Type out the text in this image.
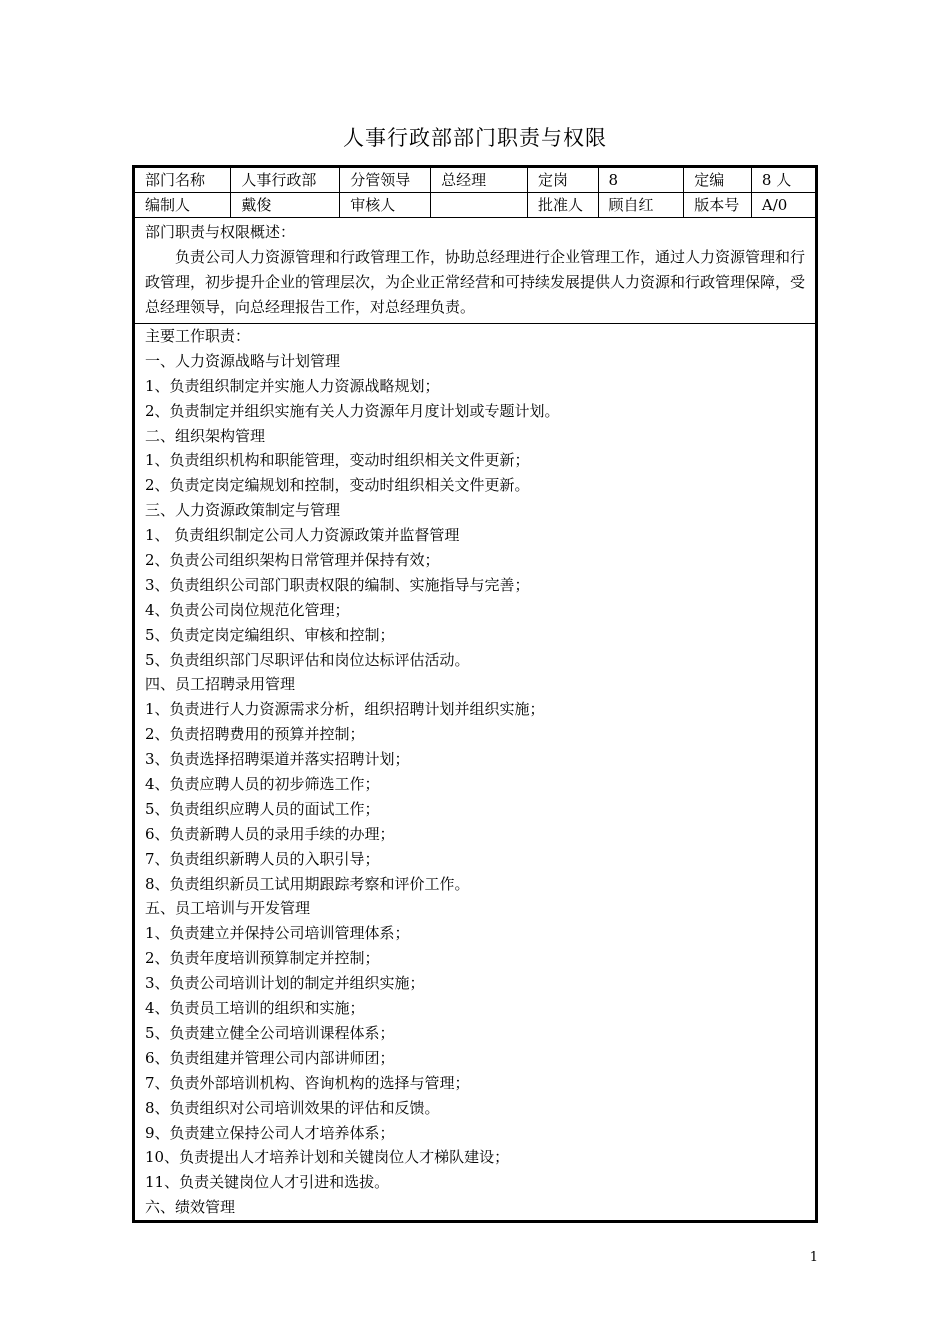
人事行政部部门职责与权限
部门名称	人事行政部	分管领导	总经理	定岗	8	定编	8 人
编制人	戴俊	审核人		批准人	顾自红	版本号	A/0
部门职责与权限概述：
负责公司人力资源管理和行政管理工作，协助总经理进行企业管理工作，通过人力资源管理和行政管理，初步提升企业的管理层次，为企业正常经营和可持续发展提供人力资源和行政管理保障，受总经理领导，向总经理报告工作，对总经理负责。
主要工作职责：
一、人力资源战略与计划管理
1、负责组织制定并实施人力资源战略规划；
2、负责制定并组织实施有关人力资源年月度计划或专题计划。
二、组织架构管理
1、负责组织机构和职能管理，变动时组织相关文件更新；
2、负责定岗定编规划和控制，变动时组织相关文件更新。
三、人力资源政策制定与管理
1、 负责组织制定公司人力资源政策并监督管理
2、负责公司组织架构日常管理并保持有效；
3、负责组织公司部门职责权限的编制、实施指导与完善；
4、负责公司岗位规范化管理；
5、负责定岗定编组织、审核和控制；
5、负责组织部门尽职评估和岗位达标评估活动。
四、员工招聘录用管理
1、负责进行人力资源需求分析，组织招聘计划并组织实施；
2、负责招聘费用的预算并控制；
3、负责选择招聘渠道并落实招聘计划；
4、负责应聘人员的初步筛选工作；
5、负责组织应聘人员的面试工作；
6、负责新聘人员的录用手续的办理；
7、负责组织新聘人员的入职引导；
8、负责组织新员工试用期跟踪考察和评价工作。
五、员工培训与开发管理
1、负责建立并保持公司培训管理体系；
2、负责年度培训预算制定并控制；
3、负责公司培训计划的制定并组织实施；
4、负责员工培训的组织和实施；
5、负责建立健全公司培训课程体系；
6、负责组建并管理公司内部讲师团；
7、负责外部培训机构、咨询机构的选择与管理；
8、负责组织对公司培训效果的评估和反馈。
9、负责建立保持公司人才培养体系；
10、负责提出人才培养计划和关键岗位人才梯队建设；
11、负责关键岗位人才引进和选拔。
六、绩效管理
1
